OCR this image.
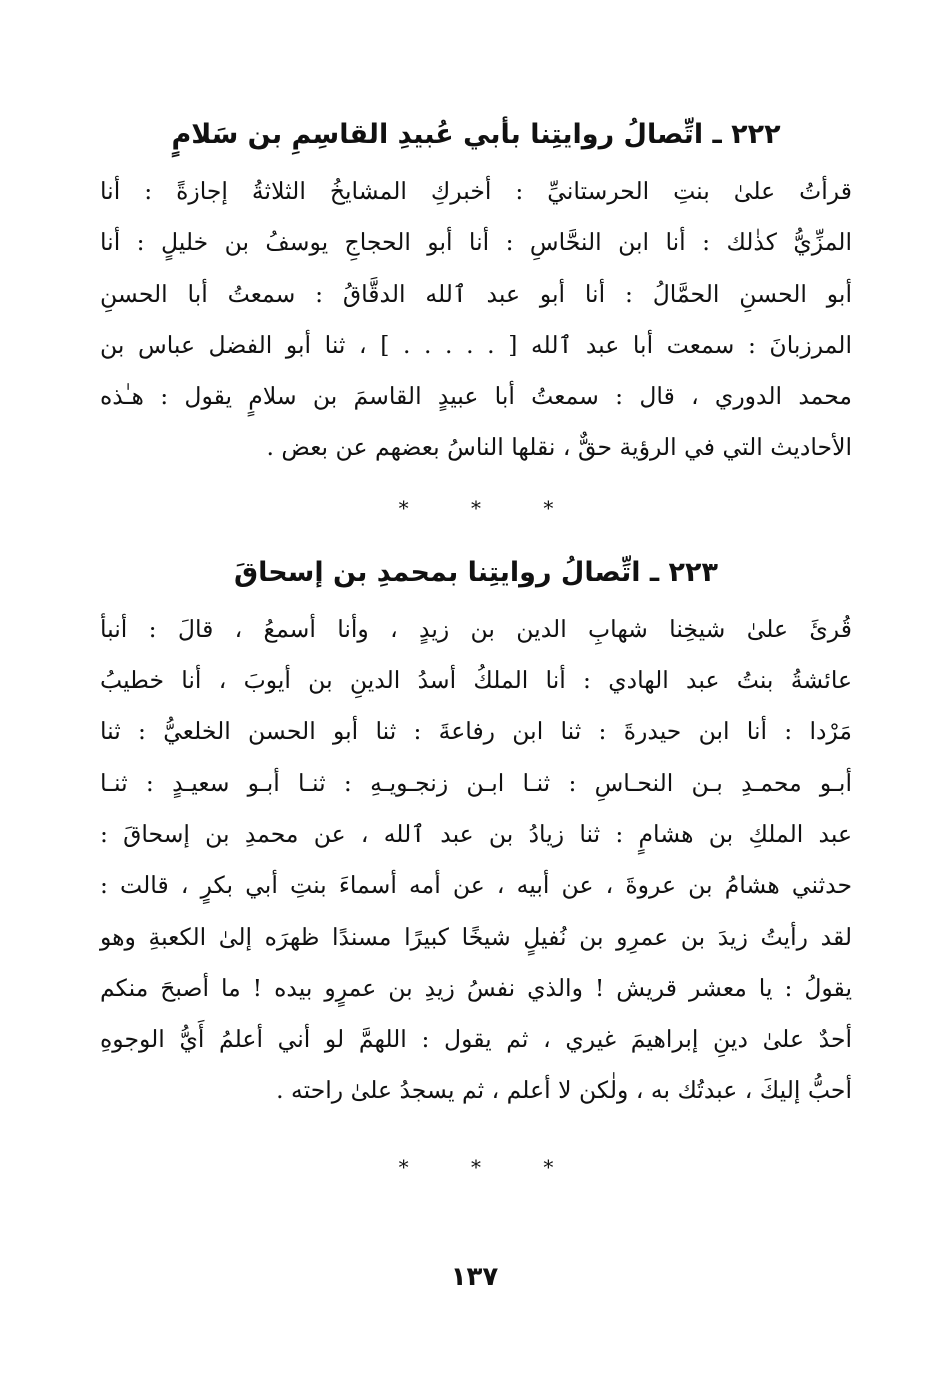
٢٢٢ ـ اتِّصالُ روايتِنا بأبي عُبيدِ القاسِمِ بن سَلامٍ

قرأتُ علىٰ بنتِ الحرستانيِّ : أخبركِ المشايخُ الثلاثةُ إجازةً : أنا
المزِّيُّ كذٰلك : أنا ابن النحَّاسِ : أنا أبو الحجاجِ يوسفُ بن خليلٍ : أنا
أبو الحسنِ الحمَّالُ : أنا أبو عبد ٱلله الدقَّاقُ : سمعتُ أبا الحسنِ
المرزبانَ : سمعت أبا عبد ٱلله [ . . . . . ] ، ثنا أبو الفضل عباس بن
محمد الدوري ، قال : سمعتُ أبا عبيدٍ القاسمَ بن سلامٍ يقول : هـٰذه
الأحاديث التي في الرؤية حقٌّ ، نقلها الناسُ بعضهم عن بعض .

* * *
٢٢٣ ـ اتِّصالُ روايتِنا بمحمدِ بن إسحاقَ

قُرئَ علىٰ شيخِنا شهابِ الدين بن زيدٍ ، وأنا أسمعُ ، قالَ : أنبأ
عائشةُ بنتُ عبد الهادي : أنا الملكُ أسدُ الدينِ بن أيوبَ ، أنا خطيبُ
مَرْدا : أنا ابن حيدرةَ : ثنا ابن رفاعةَ : ثنا أبو الحسن الخلعيُّ : ثنا
أبـو محمـدِ بـن النحـاسِ : ثنـا ابـن زنجـويـهِ : ثنـا أبـو سعيـدٍ : ثنـا
عبد الملكِ بن هشامٍ : ثنا زيادُ بن عبد ٱلله ، عن محمدِ بن إسحاقَ :
حدثني هشامُ بن عروةَ ، عن أبيه ، عن أمه أسماءَ بنتِ أبي بكرٍ ، قالت :
لقد رأيتُ زيدَ بن عمرِو بن نُفيلٍ شيخًا كبيرًا مسندًا ظهرَه إلىٰ الكعبةِ وهو
يقولُ : يا معشر قريش ! والذي نفسُ زيدِ بن عمرٍو بيده ! ما أصبحَ منكم
أحدٌ علىٰ دينِ إبراهيمَ غيري ، ثم يقول : اللهمَّ لو أني أعلمُ أَيُّ الوجوهِ
أحبُّ إليكَ ، عبدتُك به ، ولٰكن لا أعلم ، ثم يسجدُ علىٰ راحته .

* * *
١٣٧
